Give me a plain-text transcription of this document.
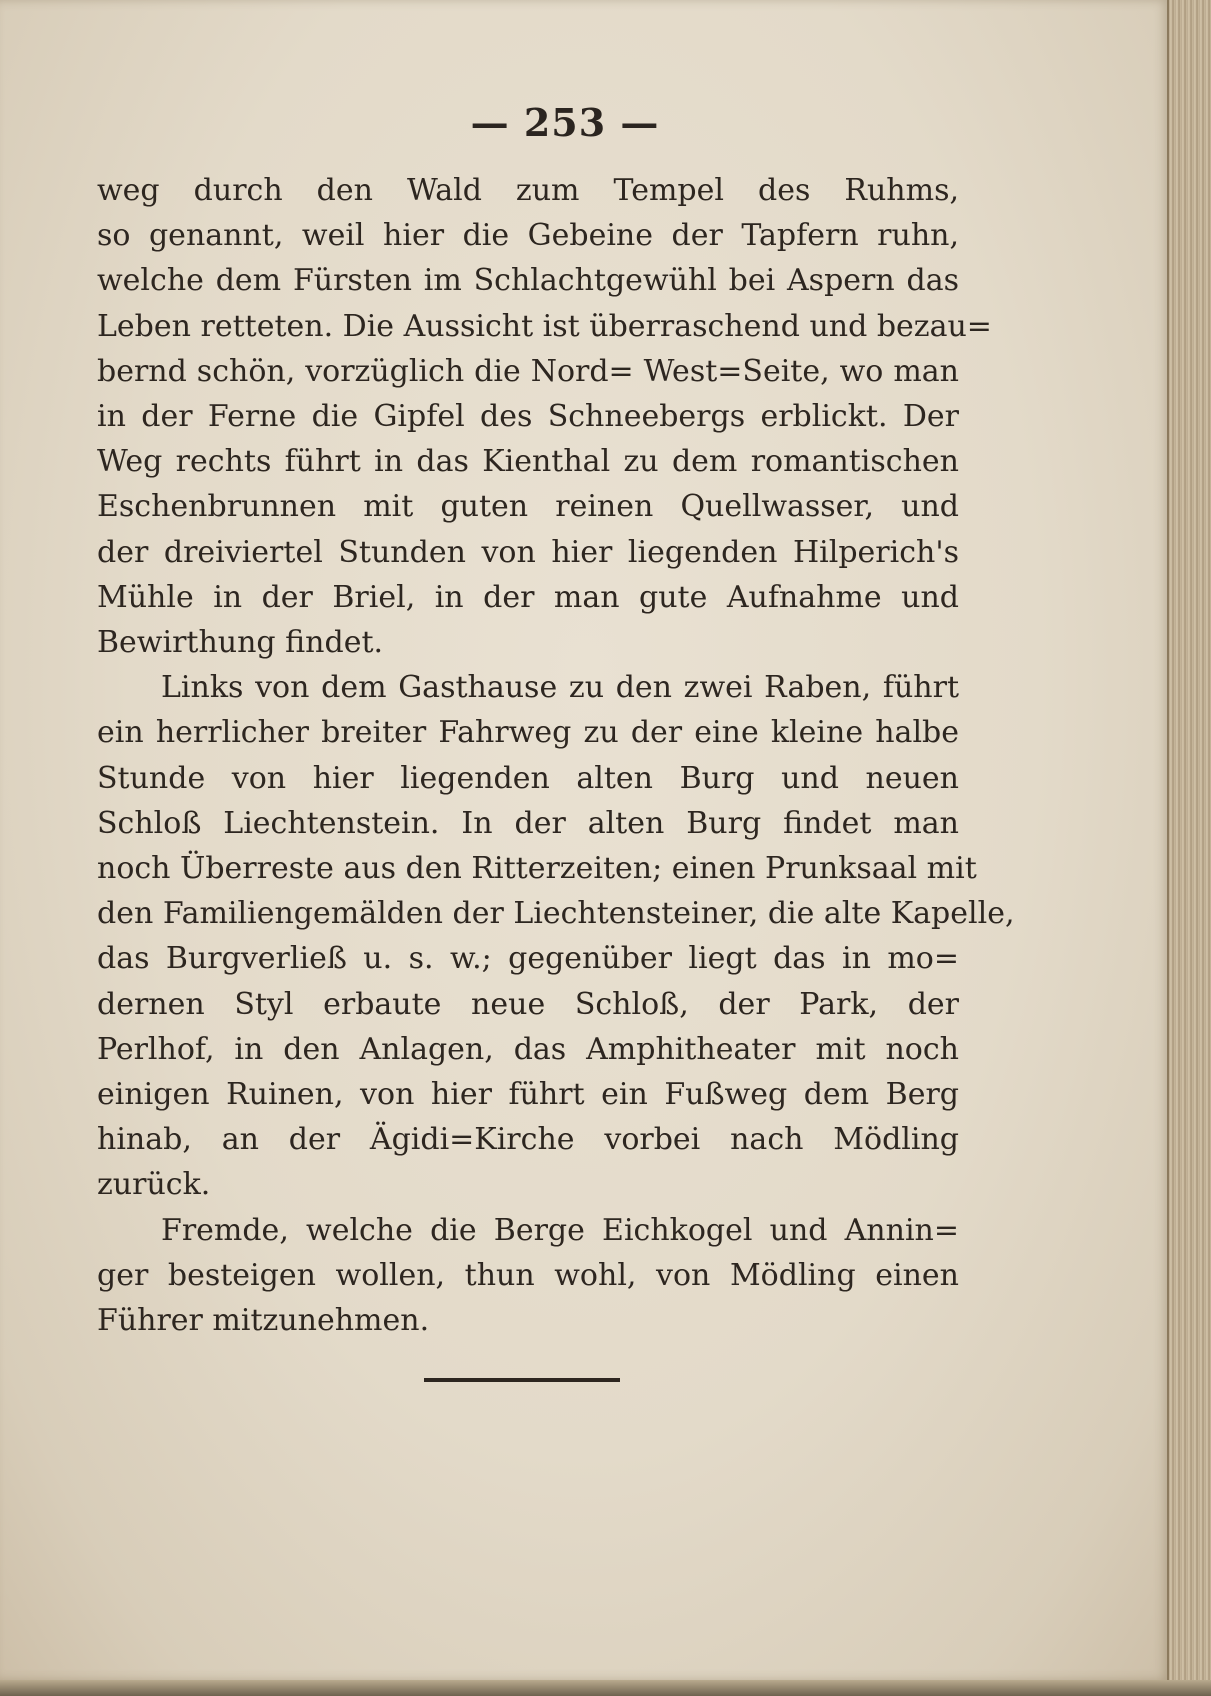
— 253 —
weg durch den Wald zum Tempel des Ruhms,
so genannt, weil hier die Gebeine der Tapfern ruhn,
welche dem Fürsten im Schlachtgewühl bei Aspern das
Leben retteten. Die Aussicht ist überraschend und bezau=
bernd schön, vorzüglich die Nord= West=Seite, wo man
in der Ferne die Gipfel des Schneebergs erblickt. Der
Weg rechts führt in das Kienthal zu dem romantischen
Eschenbrunnen mit guten reinen Quellwasser, und
der dreiviertel Stunden von hier liegenden Hilperich's
Mühle in der Briel, in der man gute Aufnahme und
Bewirthung findet.
Links von dem Gasthause zu den zwei Raben, führt
ein herrlicher breiter Fahrweg zu der eine kleine halbe
Stunde von hier liegenden alten Burg und neuen
Schloß Liechtenstein. In der alten Burg findet man
noch Überreste aus den Ritterzeiten; einen Prunksaal mit
den Familiengemälden der Liechtensteiner, die alte Kapelle,
das Burgverließ u. s. w.; gegenüber liegt das in mo=
dernen Styl erbaute neue Schloß, der Park, der
Perlhof, in den Anlagen, das Amphitheater mit noch
einigen Ruinen, von hier führt ein Fußweg dem Berg
hinab, an der Ägidi=Kirche vorbei nach Mödling
zurück.
Fremde, welche die Berge Eichkogel und Annin=
ger besteigen wollen, thun wohl, von Mödling einen
Führer mitzunehmen.
